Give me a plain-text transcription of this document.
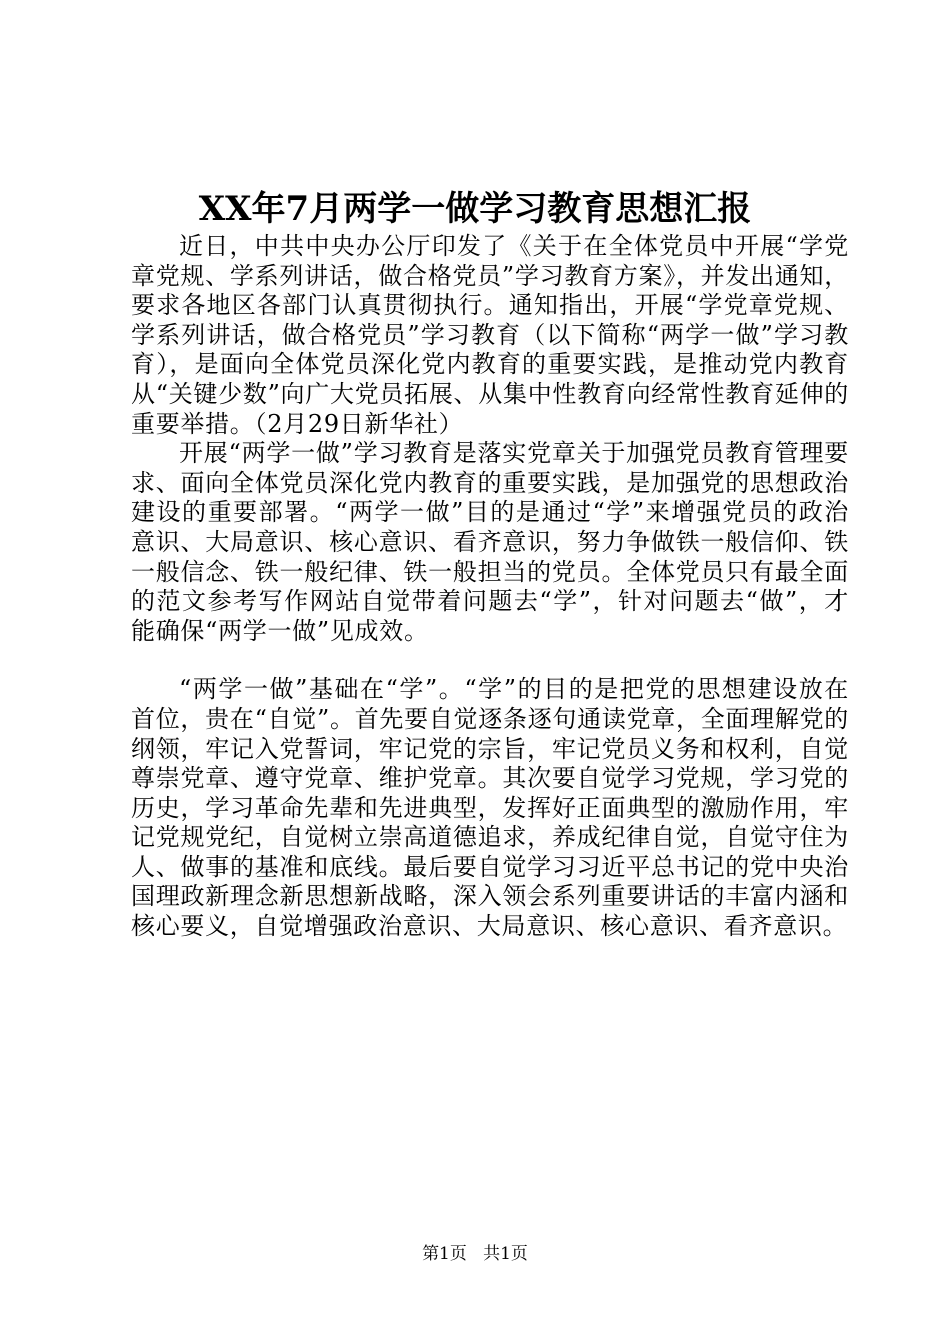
XX年7月两学一做学习教育思想汇报

近日，中共中央办公厅印发了《关于在全体党员中开展“学党章党规、学系列讲话，做合格党员”学习教育方案》，并发出通知，要求各地区各部门认真贯彻执行。通知指出，开展“学党章党规、学系列讲话，做合格党员”学习教育（以下简称“两学一做”学习教育），是面向全体党员深化党内教育的重要实践，是推动党内教育从“关键少数”向广大党员拓展、从集中性教育向经常性教育延伸的重要举措。（2月29日新华社）

开展“两学一做”学习教育是落实党章关于加强党员教育管理要求、面向全体党员深化党内教育的重要实践，是加强党的思想政治建设的重要部署。“两学一做”目的是通过“学”来增强党员的政治意识、大局意识、核心意识、看齐意识，努力争做铁一般信仰、铁一般信念、铁一般纪律、铁一般担当的党员。全体党员只有最全面的范文参考写作网站自觉带着问题去“学”，针对问题去“做”，才能确保“两学一做”见成效。

“两学一做”基础在“学”。“学”的目的是把党的思想建设放在首位，贵在“自觉”。首先要自觉逐条逐句通读党章，全面理解党的纲领，牢记入党誓词，牢记党的宗旨，牢记党员义务和权利，自觉尊崇党章、遵守党章、维护党章。其次要自觉学习党规，学习党的历史，学习革命先辈和先进典型，发挥好正面典型的激励作用，牢记党规党纪，自觉树立崇高道德追求，养成纪律自觉，自觉守住为人、做事的基准和底线。最后要自觉学习习近平总书记的党中央治国理政新理念新思想新战略，深入领会系列重要讲话的丰富内涵和核心要义，自觉增强政治意识、大局意识、核心意识、看齐意识。

第1页 共1页
